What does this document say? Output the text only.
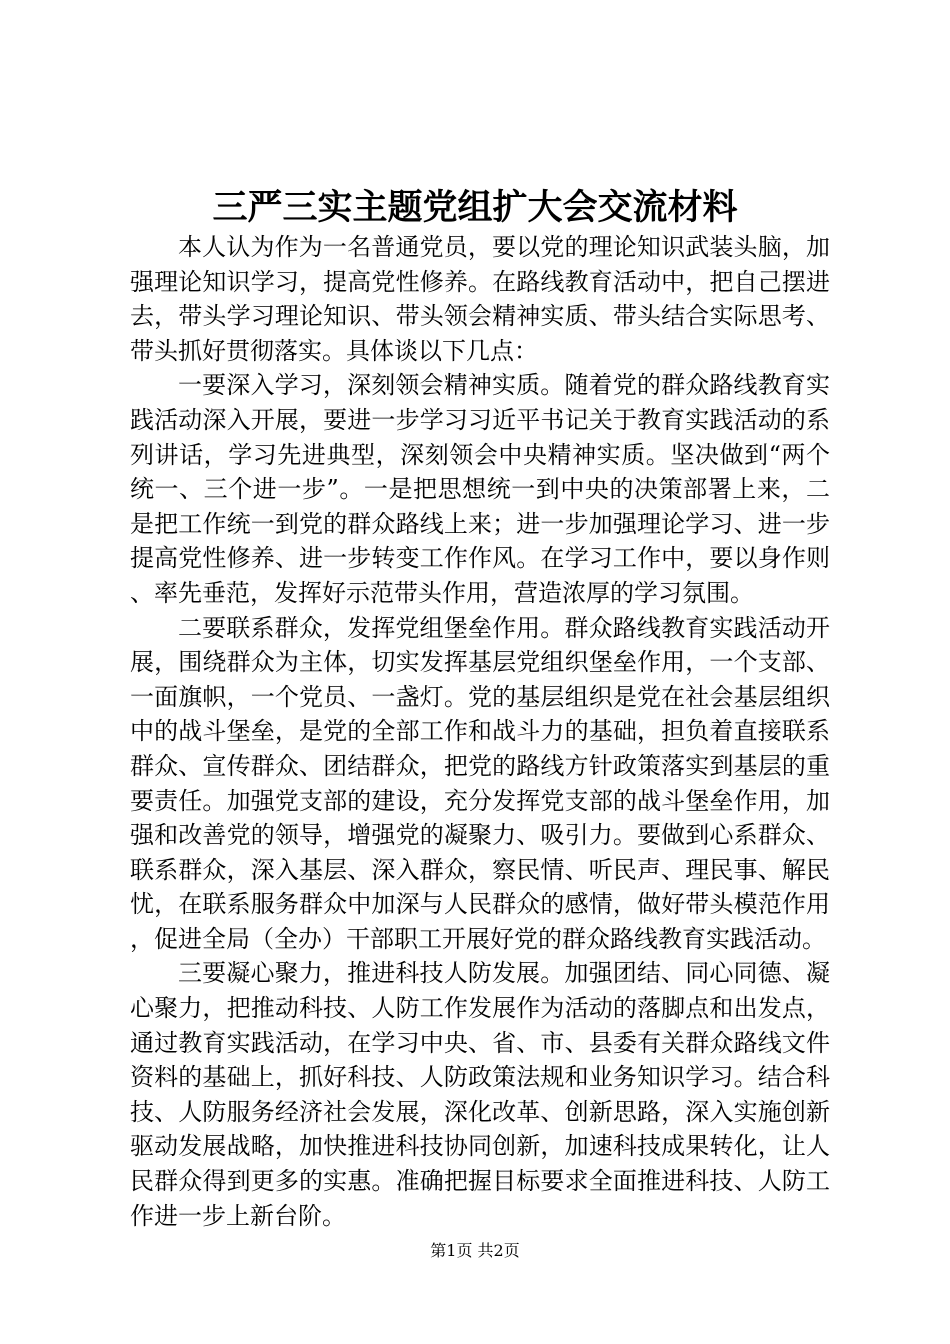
三严三实主题党组扩大会交流材料

本人认为作为一名普通党员，要以党的理论知识武装头脑，加强理论知识学习，提高党性修养。在路线教育活动中，把自己摆进去，带头学习理论知识、带头领会精神实质、带头结合实际思考、带头抓好贯彻落实。具体谈以下几点：

一要深入学习，深刻领会精神实质。随着党的群众路线教育实践活动深入开展，要进一步学习习近平书记关于教育实践活动的系列讲话，学习先进典型，深刻领会中央精神实质。坚决做到“两个统一、三个进一步”。一是把思想统一到中央的决策部署上来，二是把工作统一到党的群众路线上来；进一步加强理论学习、进一步提高党性修养、进一步转变工作作风。在学习工作中，要以身作则、率先垂范，发挥好示范带头作用，营造浓厚的学习氛围。

二要联系群众，发挥党组堡垒作用。群众路线教育实践活动开展，围绕群众为主体，切实发挥基层党组织堡垒作用，一个支部、一面旗帜，一个党员、一盏灯。党的基层组织是党在社会基层组织中的战斗堡垒，是党的全部工作和战斗力的基础，担负着直接联系群众、宣传群众、团结群众，把党的路线方针政策落实到基层的重要责任。加强党支部的建设，充分发挥党支部的战斗堡垒作用，加强和改善党的领导，增强党的凝聚力、吸引力。要做到心系群众、联系群众，深入基层、深入群众，察民情、听民声、理民事、解民忧，在联系服务群众中加深与人民群众的感情，做好带头模范作用，促进全局（全办）干部职工开展好党的群众路线教育实践活动。

三要凝心聚力，推进科技人防发展。加强团结、同心同德、凝心聚力，把推动科技、人防工作发展作为活动的落脚点和出发点，通过教育实践活动，在学习中央、省、市、县委有关群众路线文件资料的基础上，抓好科技、人防政策法规和业务知识学习。结合科技、人防服务经济社会发展，深化改革、创新思路，深入实施创新驱动发展战略，加快推进科技协同创新，加速科技成果转化，让人民群众得到更多的实惠。准确把握目标要求全面推进科技、人防工作进一步上新台阶。

第1页 共2页
